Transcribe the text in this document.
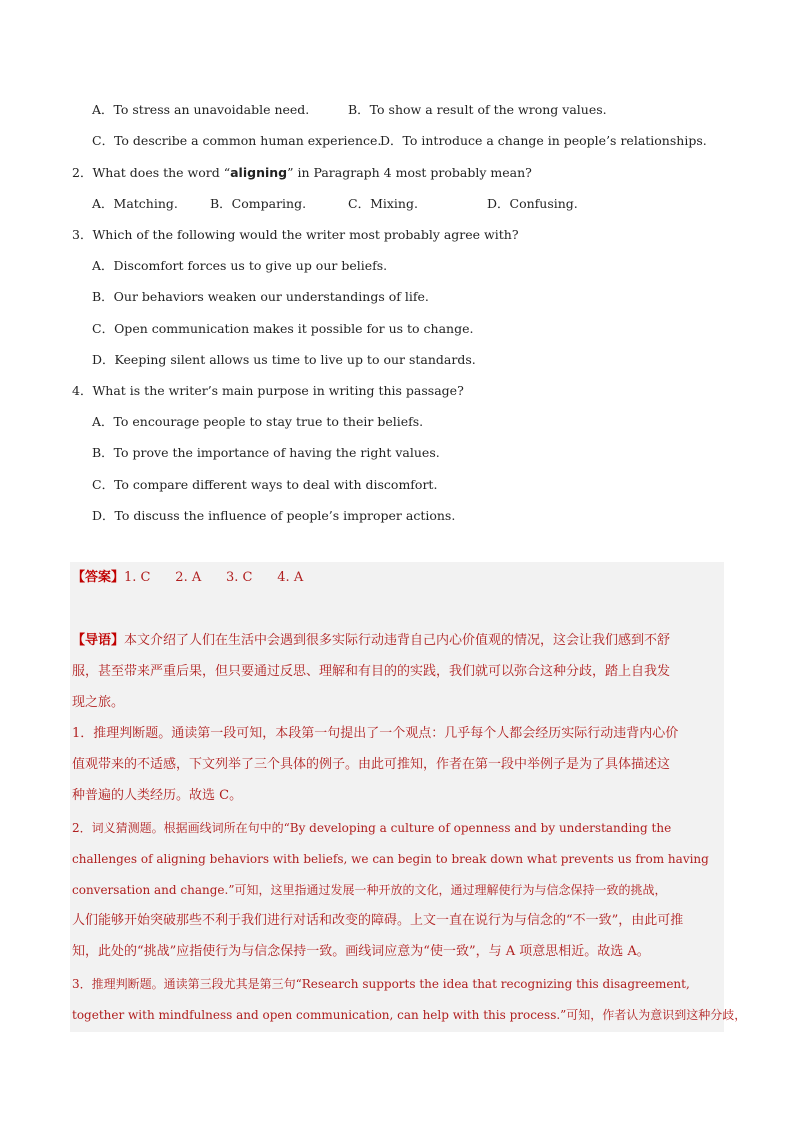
A．To stress an unavoidable need.	B．To show a result of the wrong values.
C．To describe a common human experience.
D．To introduce a change in people’s relationships.
2．What does the word “aligning” in Paragraph 4 most probably mean?
A．Matching.	B．Comparing.	C．Mixing.	D．Confusing.
3．Which of the following would the writer most probably agree with?
A．Discomfort forces us to give up our beliefs.
B．Our behaviors weaken our understandings of life.
C．Open communication makes it possible for us to change.
D．Keeping silent allows us time to live up to our standards.
4．What is the writer’s main purpose in writing this passage?
A．To encourage people to stay true to their beliefs.
B．To prove the importance of having the right values.
C．To compare different ways to deal with discomfort.
D．To discuss the influence of people’s improper actions.
【答案】1. C      2. A      3. C      4. A
【导语】本文介绍了人们在生活中会遇到很多实际行动违背自己内心价值观的情况，这会让我们感到不舒
服，甚至带来严重后果，但只要通过反思、理解和有目的的实践，我们就可以弥合这种分歧，踏上自我发
现之旅。
1．推理判断题。通读第一段可知，本段第一句提出了一个观点：几乎每个人都会经历实际行动违背内心价
值观带来的不适感，下文列举了三个具体的例子。由此可推知，作者在第一段中举例子是为了具体描述这
种普遍的人类经历。故选 C。
2．词义猜测题。根据画线词所在句中的“By developing a culture of openness and by understanding the
challenges of aligning behaviors with beliefs, we can begin to break down what prevents us from having
conversation and change.”可知，这里指通过发展一种开放的文化，通过理解使行为与信念保持一致的挑战，
人们能够开始突破那些不利于我们进行对话和改变的障碍。上文一直在说行为与信念的“不一致”，由此可推
知，此处的“挑战”应指使行为与信念保持一致。画线词应意为“使一致”，与 A 项意思相近。故选 A。
3．推理判断题。通读第三段尤其是第三句“Research supports the idea that recognizing this disagreement,
together with mindfulness and open communication, can help with this process.”可知，作者认为意识到这种分歧，
